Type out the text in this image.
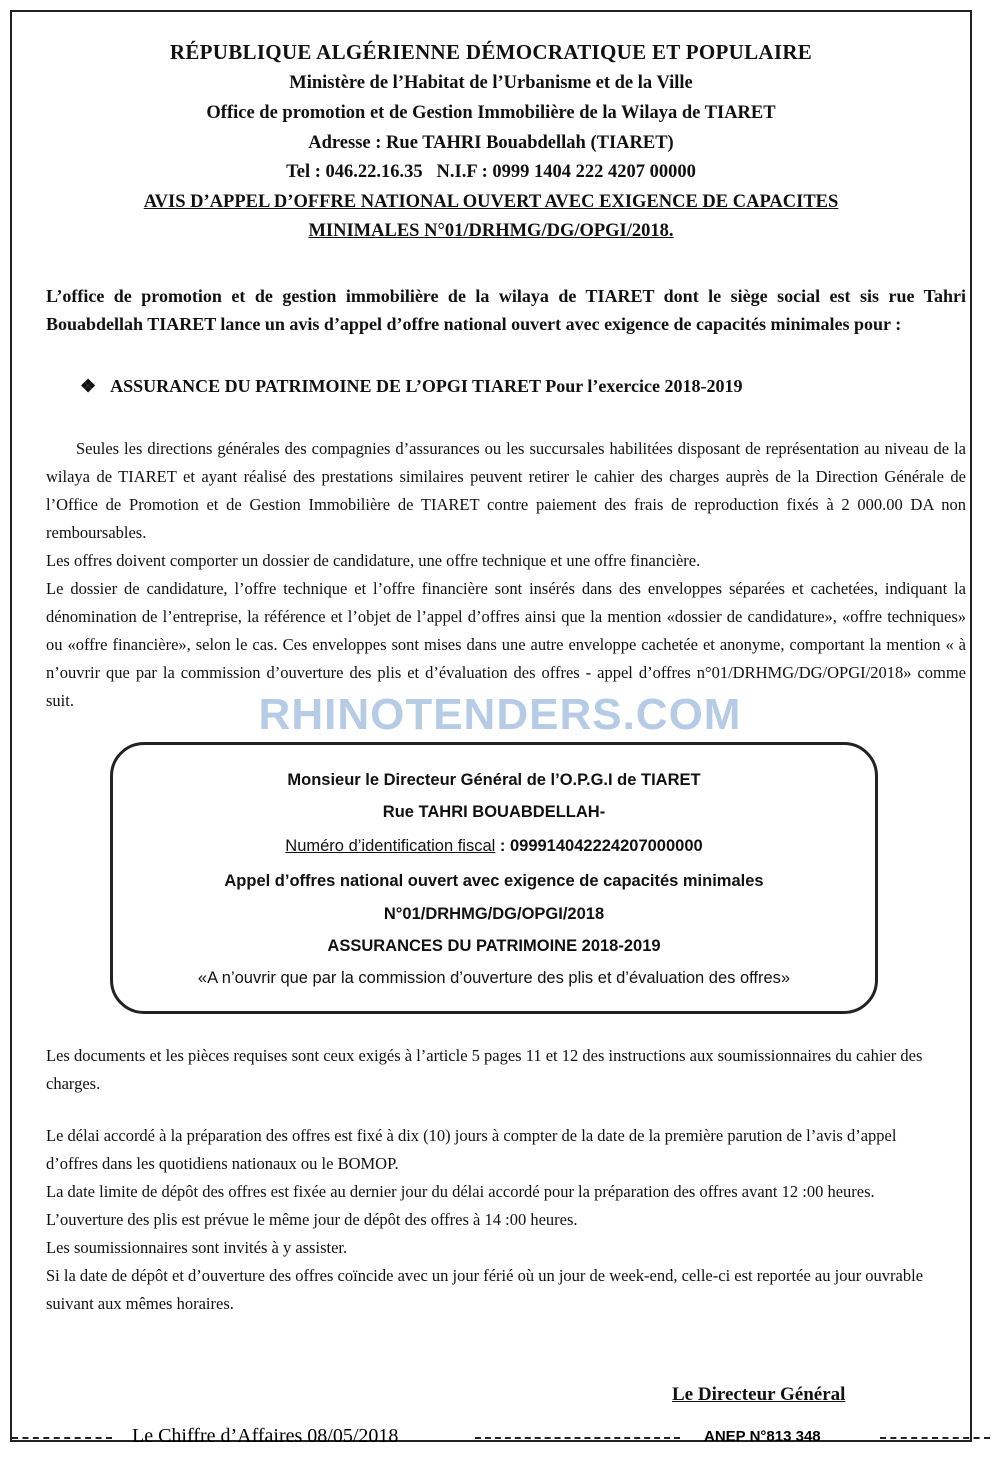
RÉPUBLIQUE ALGÉRIENNE DÉMOCRATIQUE ET POPULAIRE
Ministère de l’Habitat de l’Urbanisme et de la Ville
Office de promotion et de Gestion Immobilière de la Wilaya de TIARET
Adresse : Rue TAHRI Bouabdellah (TIARET)
Tel : 046.22.16.35 N.I.F : 0999 1404 222 4207 00000
AVIS D’APPEL D’OFFRE NATIONAL OUVERT AVEC EXIGENCE DE CAPACITES
MINIMALES N°01/DRHMG/DG/OPGI/2018.
L’office de promotion et de gestion immobilière de la wilaya de TIARET dont le siège social est sis rue Tahri Bouabdellah TIARET lance un avis d’appel d’offre national ouvert avec exigence de capacités minimales pour :
❖ ASSURANCE DU PATRIMOINE DE L’OPGI TIARET Pour l’exercice 2018-2019
Seules les directions générales des compagnies d’assurances ou les succursales habilitées disposant de représentation au niveau de la wilaya de TIARET et ayant réalisé des prestations similaires peuvent retirer le cahier des charges auprès de la Direction Générale de l’Office de Promotion et de Gestion Immobilière de TIARET contre paiement des frais de reproduction fixés à 2 000.00 DA non remboursables.
Les offres doivent comporter un dossier de candidature, une offre technique et une offre financière.
Le dossier de candidature, l’offre technique et l’offre financière sont insérés dans des enveloppes séparées et cachetées, indiquant la dénomination de l’entreprise, la référence et l’objet de l’appel d’offres ainsi que la mention «dossier de candidature», «offre techniques» ou «offre financière», selon le cas. Ces enveloppes sont mises dans une autre enveloppe cachetée et anonyme, comportant la mention « à n’ouvrir que par la commission d’ouverture des plis et d’évaluation des offres - appel d’offres n°01/DRHMG/DG/OPGI/2018» comme suit.
Monsieur le Directeur Général de l’O.P.G.I de TIARET
Rue TAHRI BOUABDELLAH-
Numéro d’identification fiscal : 099914042224207000000
Appel d’offres national ouvert avec exigence de capacités minimales
N°01/DRHMG/DG/OPGI/2018
ASSURANCES DU PATRIMOINE 2018-2019
«A n’ouvrir que par la commission d’ouverture des plis et d’évaluation des offres»
Les documents et les pièces requises sont ceux exigés à l’article 5 pages 11 et 12 des instructions aux soumissionnaires du cahier des charges.
Le délai accordé à la préparation des offres est fixé à dix (10) jours à compter de la date de la première parution de l’avis d’appel d’offres dans les quotidiens nationaux ou le BOMOP.
La date limite de dépôt des offres est fixée au dernier jour du délai accordé pour la préparation des offres avant 12 :00 heures.
L’ouverture des plis est prévue le même jour de dépôt des offres à 14 :00 heures.
Les soumissionnaires sont invités à y assister.
Si la date de dépôt et d’ouverture des offres coïncide avec un jour férié où un jour de week-end, celle-ci est reportée au jour ouvrable suivant aux mêmes horaires.
Le Directeur Général
RHINOTENDERS.COM
Le Chiffre d’Affaires 08/05/2018	ANEP N°813 348
